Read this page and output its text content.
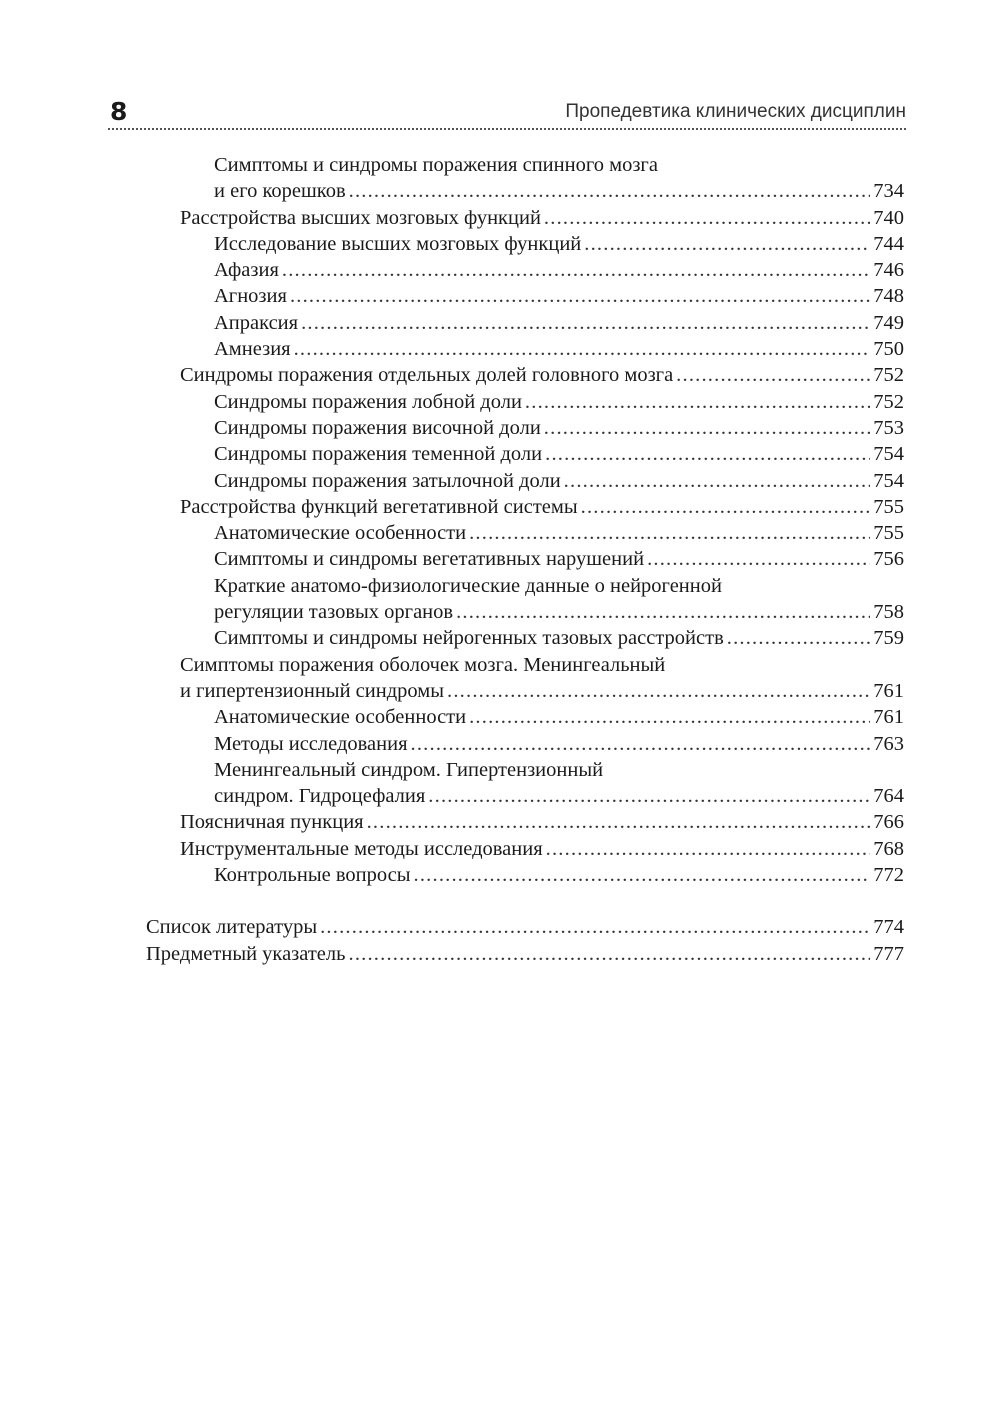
8	Пропедевтика клинических дисциплин
Симптомы и синдромы поражения спинного мозга
и его корешков .....	734
Расстройства высших мозговых функций .....	740
Исследование высших мозговых функций .....	744
Афазия .....	746
Агнозия .....	748
Апраксия .....	749
Амнезия .....	750
Синдромы поражения отдельных долей головного мозга .....	752
Синдромы поражения лобной доли .....	752
Синдромы поражения височной доли .....	753
Синдромы поражения теменной доли .....	754
Синдромы поражения затылочной доли .....	754
Расстройства функций вегетативной системы .....	755
Анатомические особенности .....	755
Симптомы и синдромы вегетативных нарушений .....	756
Краткие анатомо-физиологические данные о нейрогенной
регуляции тазовых органов .....	758
Симптомы и синдромы нейрогенных тазовых расстройств .....	759
Симптомы поражения оболочек мозга. Менингеальный
и гипертензионный синдромы .....	761
Анатомические особенности .....	761
Методы исследования .....	763
Менингеальный синдром. Гипертензионный
синдром. Гидроцефалия .....	764
Поясничная пункция .....	766
Инструментальные методы исследования .....	768
Контрольные вопросы .....	772
Список литературы .....	774
Предметный указатель .....	777
